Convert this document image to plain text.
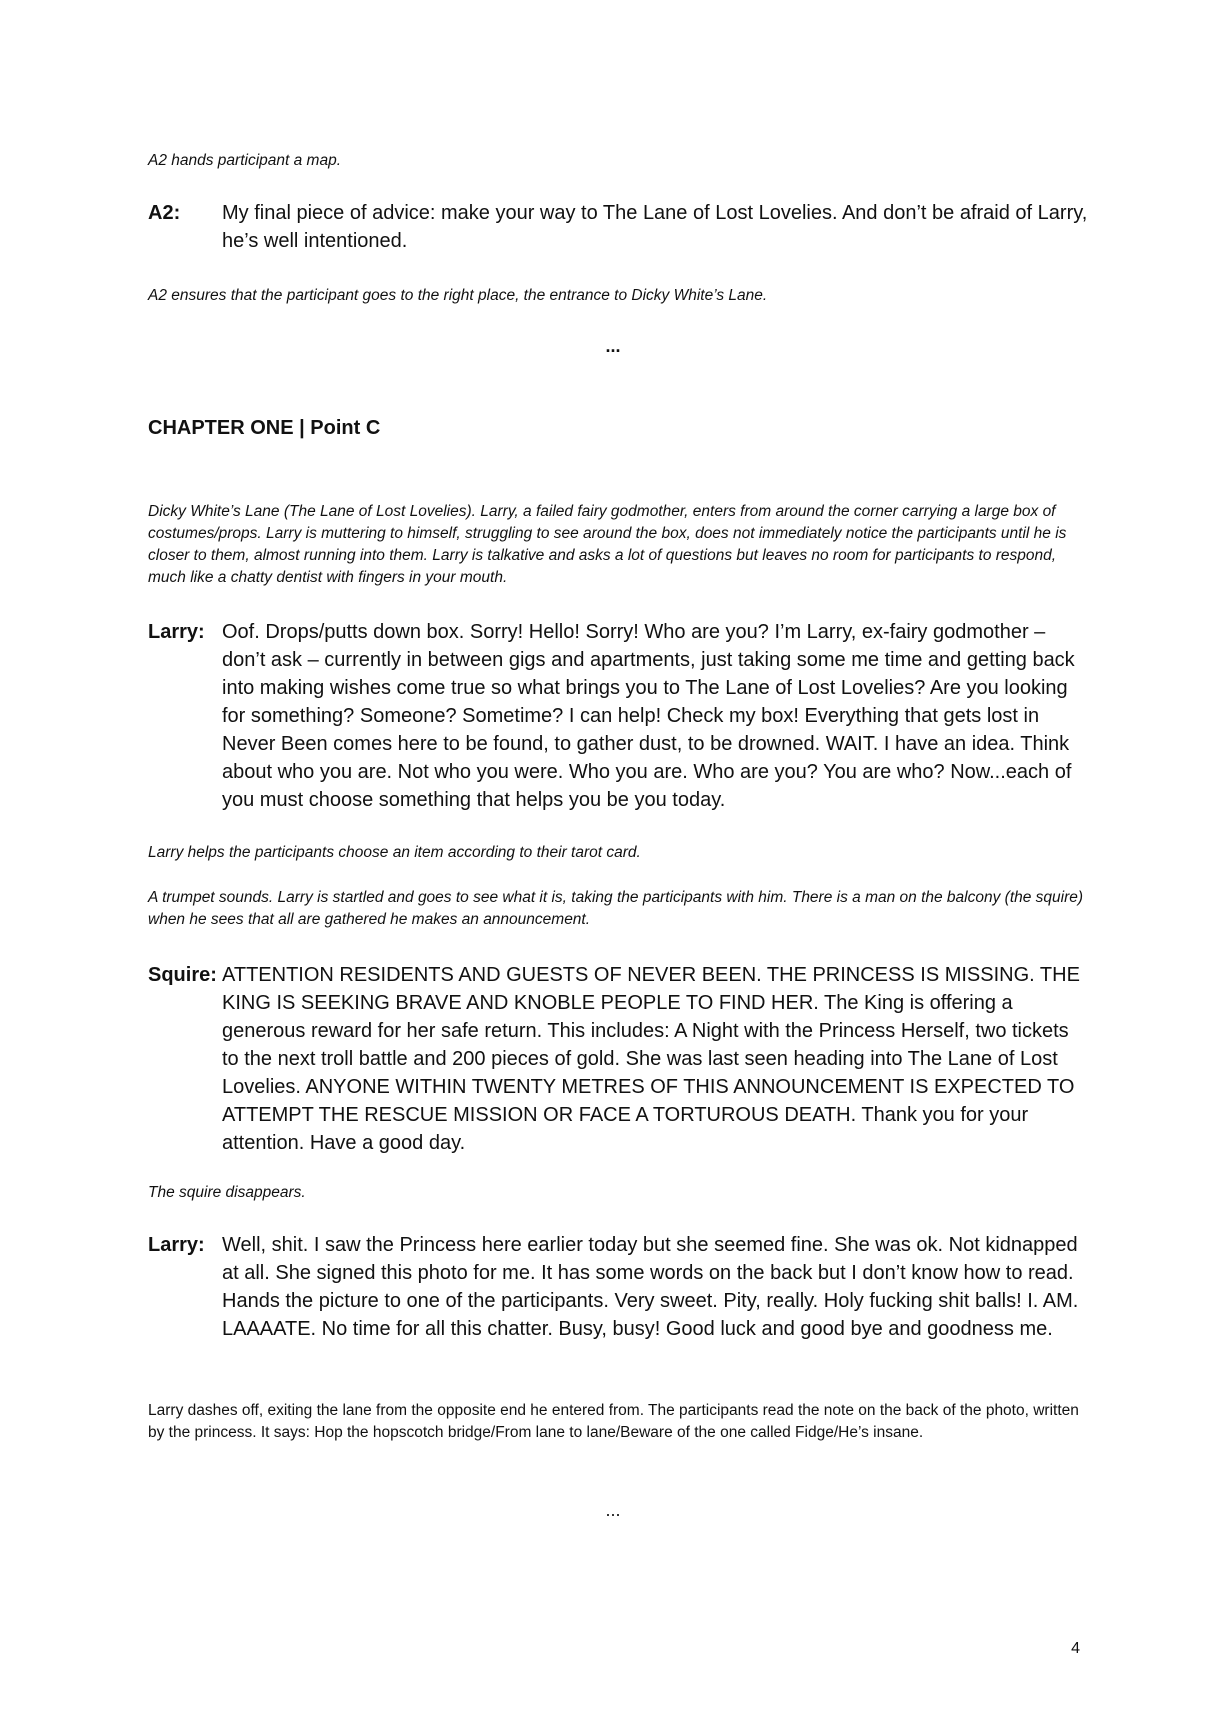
A2 hands participant a map.

A2:	My final piece of advice: make your way to The Lane of Lost Lovelies. And don’t be afraid of Larry, he’s well intentioned.

A2 ensures that the participant goes to the right place, the entrance to Dicky White’s Lane.

...

CHAPTER ONE | Point C

Dicky White’s Lane (The Lane of Lost Lovelies). Larry, a failed fairy godmother, enters from around the corner carrying a large box of costumes/props. Larry is muttering to himself, struggling to see around the box, does not immediately notice the participants until he is closer to them, almost running into them. Larry is talkative and asks a lot of questions but leaves no room for participants to respond, much like a chatty dentist with fingers in your mouth.

Larry: Oof. Drops/putts down box. Sorry! Hello! Sorry! Who are you? I’m Larry, ex-fairy godmother – don’t ask – currently in between gigs and apartments, just taking some me time and getting back into making wishes come true so what brings you to The Lane of Lost Lovelies? Are you looking for something? Someone? Sometime? I can help! Check my box! Everything that gets lost in Never Been comes here to be found, to gather dust, to be drowned. WAIT. I have an idea. Think about who you are. Not who you were. Who you are. Who are you? You are who? Now...each of you must choose something that helps you be you today.

Larry helps the participants choose an item according to their tarot card.

A trumpet sounds. Larry is startled and goes to see what it is, taking the participants with him. There is a man on the balcony (the squire) when he sees that all are gathered he makes an announcement.

Squire: ATTENTION RESIDENTS AND GUESTS OF NEVER BEEN. THE PRINCESS IS MISSING. THE KING IS SEEKING BRAVE AND KNOBLE PEOPLE TO FIND HER. The King is offering a generous reward for her safe return. This includes: A Night with the Princess Herself, two tickets to the next troll battle and 200 pieces of gold. She was last seen heading into The Lane of Lost Lovelies. ANYONE WITHIN TWENTY METRES OF THIS ANNOUNCEMENT IS EXPECTED TO ATTEMPT THE RESCUE MISSION OR FACE A TORTUROUS DEATH. Thank you for your attention. Have a good day.

The squire disappears.

Larry: Well, shit. I saw the Princess here earlier today but she seemed fine. She was ok. Not kidnapped at all. She signed this photo for me. It has some words on the back but I don’t know how to read. Hands the picture to one of the participants. Very sweet. Pity, really. Holy fucking shit balls! I. AM. LAAAATE. No time for all this chatter. Busy, busy! Good luck and good bye and goodness me.

Larry dashes off, exiting the lane from the opposite end he entered from. The participants read the note on the back of the photo, written by the princess. It says: Hop the hopscotch bridge/From lane to lane/Beware of the one called Fidge/He’s insane.

...
4
